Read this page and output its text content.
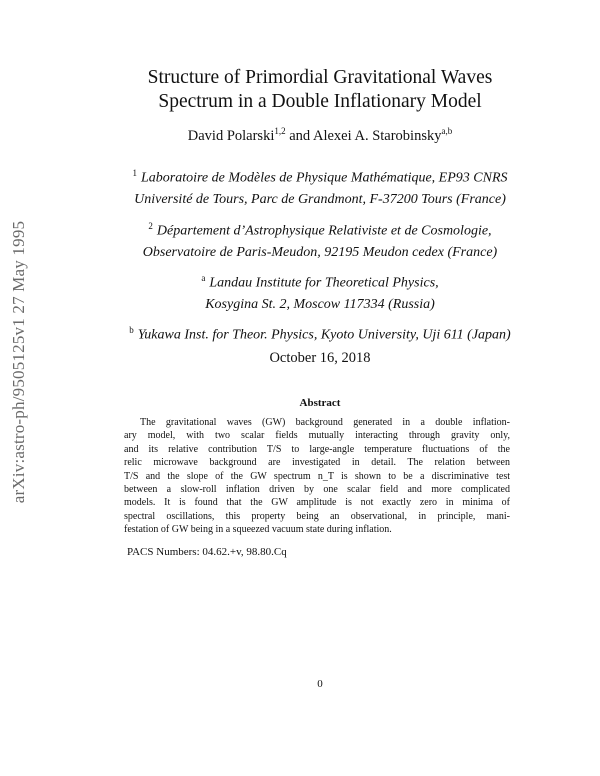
arXiv:astro-ph/9505125v1 27 May 1995
Structure of Primordial Gravitational Waves
Spectrum in a Double Inflationary Model
David Polarski$^{1,2}$ and Alexei A. Starobinsky$^{a,b}$
$^1$ Laboratoire de Modèles de Physique Mathématique, EP93 CNRS
Université de Tours, Parc de Grandmont, F-37200 Tours (France)
$^2$ Département d’Astrophysique Relativiste et de Cosmologie,
Observatoire de Paris-Meudon, 92195 Meudon cedex (France)
$^a$ Landau Institute for Theoretical Physics,
Kosygina St. 2, Moscow 117334 (Russia)
$^b$ Yukawa Inst. for Theor. Physics, Kyoto University, Uji 611 (Japan)
October 16, 2018
Abstract
The gravitational waves (GW) background generated in a double inflation-
ary model, with two scalar fields mutually interacting through gravity only,
and its relative contribution T/S to large-angle temperature fluctuations of the
relic microwave background are investigated in detail. The relation between
T/S and the slope of the GW spectrum n_T is shown to be a discriminative test
between a slow-roll inflation driven by one scalar field and more complicated
models. It is found that the GW amplitude is not exactly zero in minima of
spectral oscillations, this property being an observational, in principle, mani-
festation of GW being in a squeezed vacuum state during inflation.
PACS Numbers: 04.62.+v, 98.80.Cq
0
